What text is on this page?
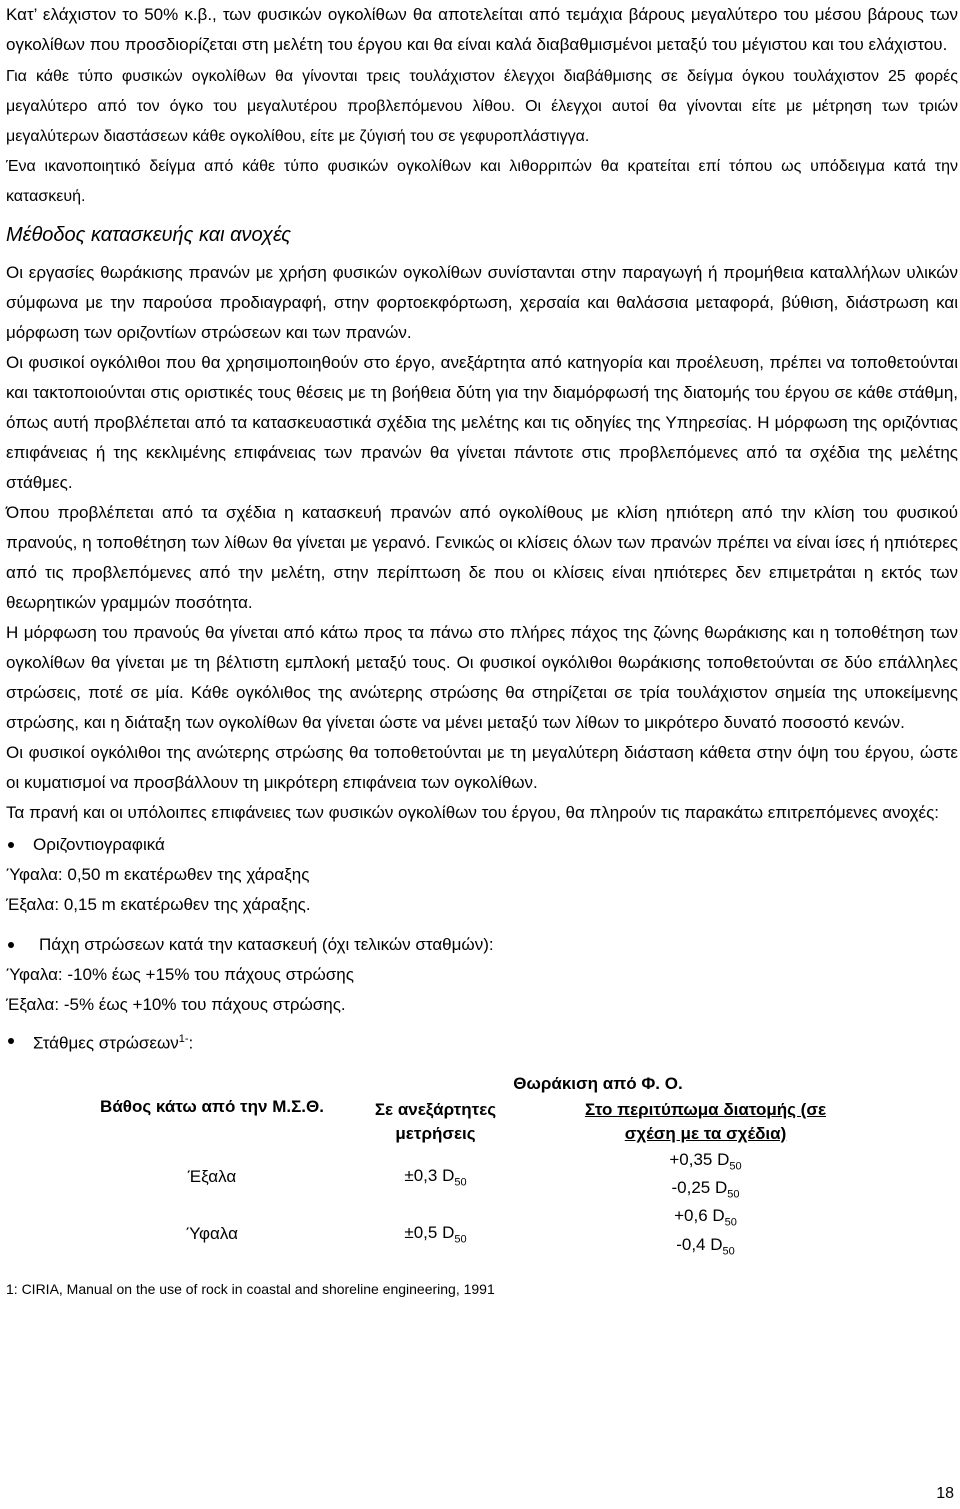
Κατ’ ελάχιστον το 50% κ.β., των φυσικών ογκολίθων θα αποτελείται από τεμάχια βάρους μεγαλύτερο του μέσου βάρους των ογκολίθων που προσδιορίζεται στη μελέτη του έργου και θα είναι καλά διαβαθμισμένοι μεταξύ του μέγιστου και του ελάχιστου.

Για κάθε τύπο φυσικών ογκολίθων θα γίνονται τρεις τουλάχιστον έλεγχοι διαβάθμισης σε δείγμα όγκου τουλάχιστον 25 φορές μεγαλύτερο από τον όγκο του μεγαλυτέρου προβλεπόμενου λίθου. Οι έλεγχοι αυτοί θα γίνονται είτε με μέτρηση των τριών μεγαλύτερων διαστάσεων κάθε ογκολίθου, είτε με ζύγισή του σε γεφυροπλάστιγγα.

Ένα ικανοποιητικό δείγμα από κάθε τύπο φυσικών ογκολίθων και λιθορριπών θα κρατείται επί τόπου ως υπόδειγμα κατά την κατασκευή.

Μέθοδος κατασκευής και ανοχές

Οι εργασίες θωράκισης πρανών με χρήση φυσικών ογκολίθων συνίστανται στην παραγωγή ή προμήθεια καταλλήλων υλικών σύμφωνα με την παρούσα προδιαγραφή, στην φορτοεκφόρτωση, χερσαία και θαλάσσια μεταφορά, βύθιση, διάστρωση και μόρφωση των οριζοντίων στρώσεων και των πρανών.

Οι φυσικοί ογκόλιθοι που θα χρησιμοποιηθούν στο έργο, ανεξάρτητα από κατηγορία και προέλευση, πρέπει να τοποθετούνται και τακτοποιούνται στις οριστικές τους θέσεις με τη βοήθεια δύτη για την διαμόρφωσή της διατομής του έργου σε κάθε στάθμη, όπως αυτή προβλέπεται από τα κατασκευαστικά σχέδια της μελέτης και τις οδηγίες της Υπηρεσίας. Η μόρφωση της οριζόντιας επιφάνειας ή της κεκλιμένης επιφάνειας των πρανών θα γίνεται πάντοτε στις προβλεπόμενες από τα σχέδια της μελέτης στάθμες.

Όπου προβλέπεται από τα σχέδια η κατασκευή πρανών από ογκολίθους με κλίση ηπιότερη από την κλίση του φυσικού πρανούς, η τοποθέτηση των λίθων θα γίνεται με γερανό. Γενικώς οι κλίσεις όλων των πρανών πρέπει να είναι ίσες ή ηπιότερες από τις προβλεπόμενες από την μελέτη, στην περίπτωση δε που οι κλίσεις είναι ηπιότερες δεν επιμετράται η εκτός των θεωρητικών γραμμών ποσότητα.

Η μόρφωση του πρανούς θα γίνεται από κάτω προς τα πάνω στο πλήρες πάχος της ζώνης θωράκισης και η τοποθέτηση των ογκολίθων θα γίνεται με τη βέλτιστη εμπλοκή μεταξύ τους. Οι φυσικοί ογκόλιθοι θωράκισης τοποθετούνται σε δύο επάλληλες στρώσεις, ποτέ σε μία. Κάθε ογκόλιθος της ανώτερης στρώσης θα στηρίζεται σε τρία τουλάχιστον σημεία της υποκείμενης στρώσης, και η διάταξη των ογκολίθων θα γίνεται ώστε να μένει μεταξύ των λίθων το μικρότερο δυνατό ποσοστό κενών.

Οι φυσικοί ογκόλιθοι της ανώτερης στρώσης θα τοποθετούνται με τη μεγαλύτερη διάσταση κάθετα στην όψη του έργου, ώστε οι κυματισμοί να προσβάλλουν τη μικρότερη επιφάνεια των ογκολίθων.

Τα πρανή και οι υπόλοιπες επιφάνειες των φυσικών ογκολίθων του έργου, θα πληρούν τις παρακάτω επιτρεπόμενες ανοχές:

Οριζοντιογραφικά

Ύφαλα: 0,50 m εκατέρωθεν της χάραξης

Έξαλα: 0,15 m εκατέρωθεν της χάραξης.

Πάχη στρώσεων κατά την κατασκευή (όχι τελικών σταθμών):

Ύφαλα: -10% έως +15% του πάχους στρώσης

Έξαλα: -5% έως +10% του πάχους στρώσης.

Στάθμες στρώσεων$^{1-}$:
Βάθος κάτω από την Μ.Σ.Θ.	Θωράκιση από Φ. Ο.	
	Σε ανεξάρτητες μετρήσεις	Στο περιτύπωμα διατομής (σε σχέση με τα σχέδια)
Έξαλα	±0,3 $D_{50}$	+0,35 $D_{50}$
-0,25 $D_{50}$

Ύφαλα	±0,5 $D_{50}$	+0,6 $D_{50}$
-0,4 $D_{50}$

1: CIRIA, Manual on the use of rock in coastal and shoreline engineering, 1991

18
